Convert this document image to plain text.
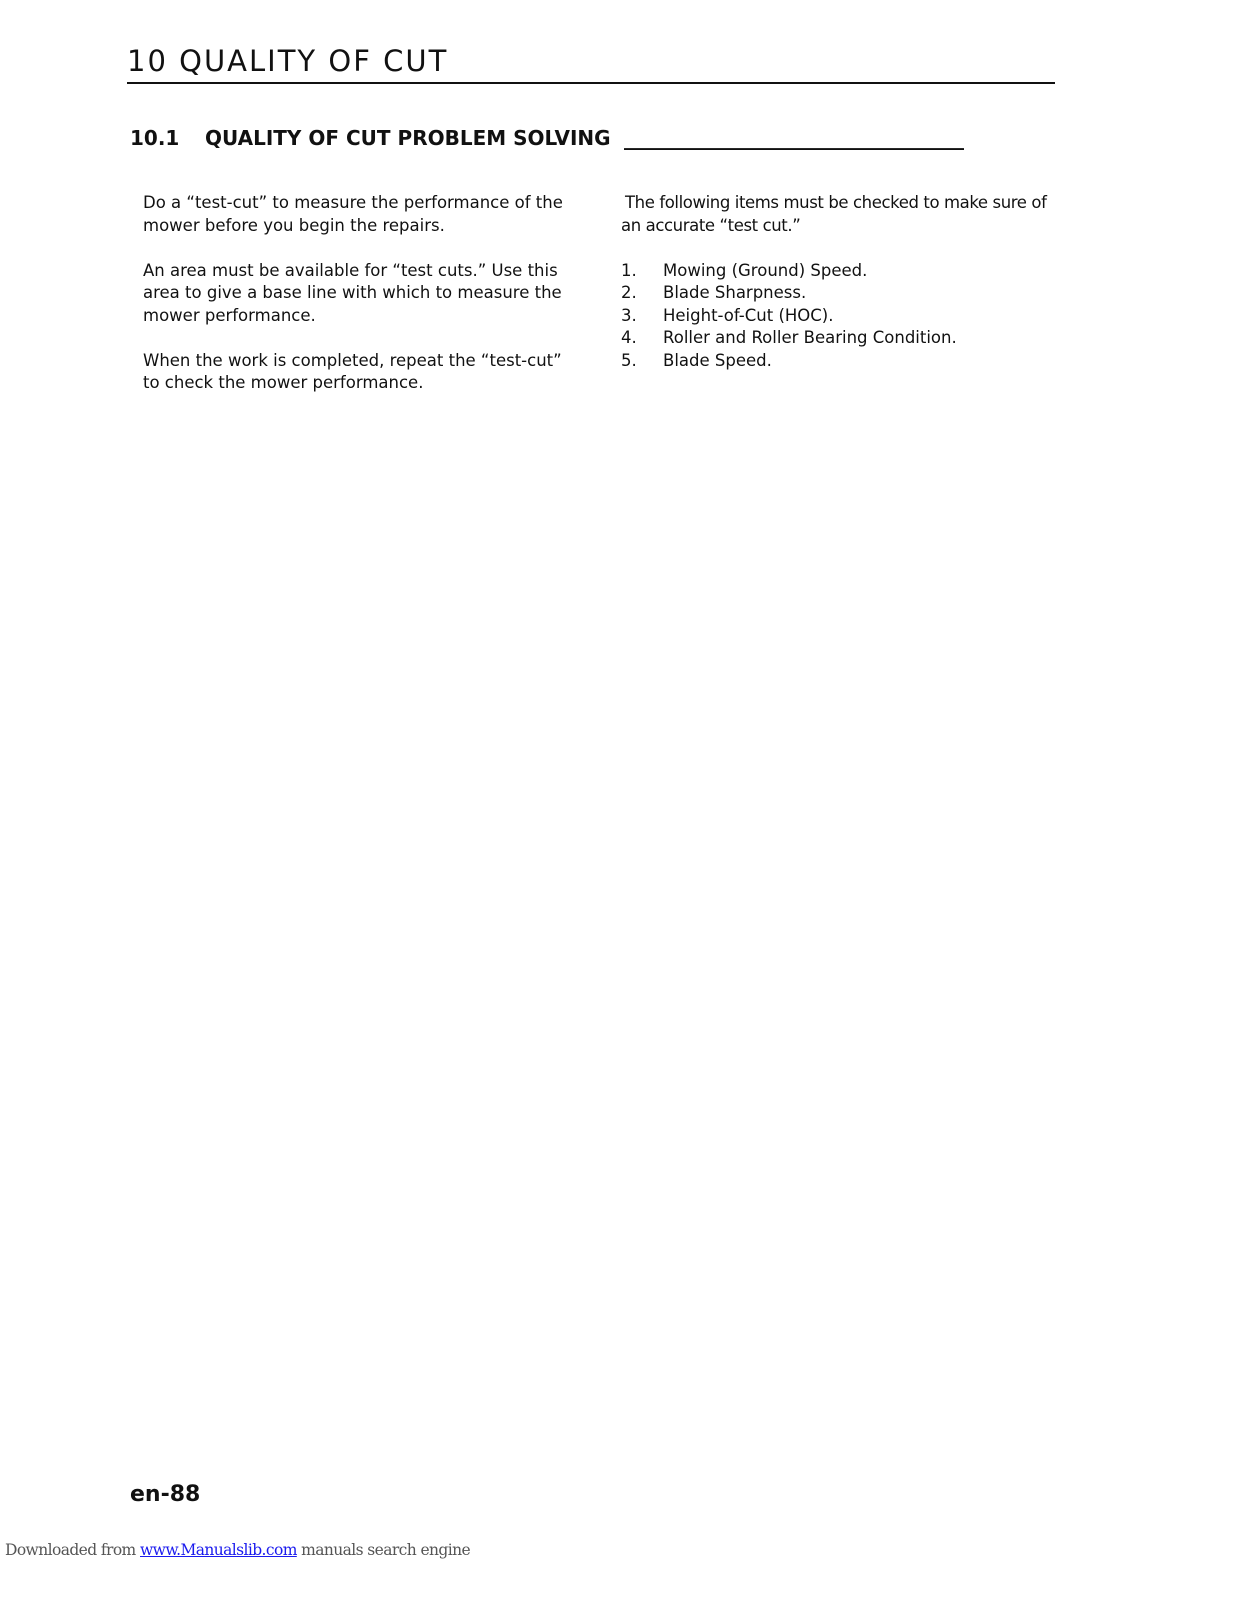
10 QUALITY OF CUT
10.1 QUALITY OF CUT PROBLEM SOLVING __________________________________

Do a “test-cut” to measure the performance of the mower before you begin the repairs.

An area must be available for “test cuts.” Use this area to give a base line with which to measure the mower performance.

When the work is completed, repeat the “test-cut” to check the mower performance.

The following items must be checked to make sure of an accurate “test cut.”

1. Mowing (Ground) Speed.
2. Blade Sharpness.
3. Height-of-Cut (HOC).
4. Roller and Roller Bearing Condition.
5. Blade Speed.
en-88
Downloaded from www.Manualslib.com manuals search engine
